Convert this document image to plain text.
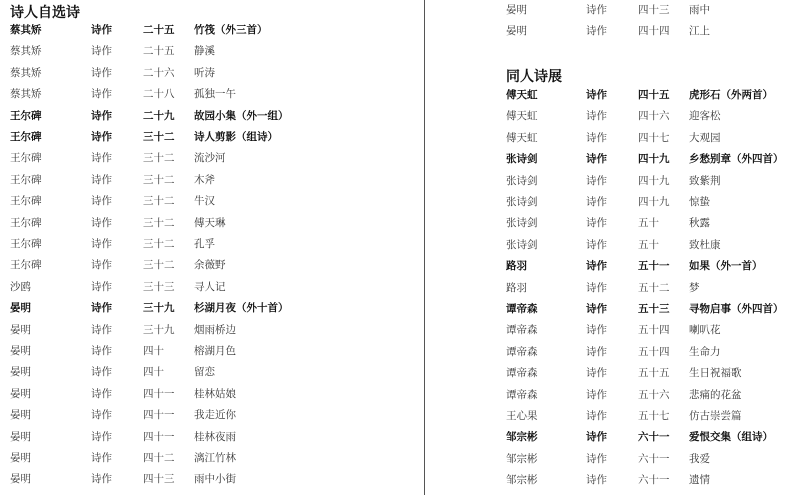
诗人自选诗
蔡其矫	诗作	二十五 竹筏（外三首）
蔡其矫	诗作	二十五 静溪
蔡其矫	诗作	二十六 听涛
蔡其矫	诗作	二十八 孤独一午
王尔碑	诗作	二十九 故园小集（外一组）
王尔碑	诗作	三十二 诗人剪影（组诗）
王尔碑	诗作	三十二 流沙河
王尔碑	诗作	三十二 木斧
王尔碑	诗作	三十二 牛汉
王尔碑	诗作	三十二 傅天琳
王尔碑	诗作	三十二 孔孚
王尔碑	诗作	三十二 余薇野
沙鸥	诗作	三十三 寻人记
晏明	诗作	三十九 杉湖月夜（外十首）
晏明	诗作	三十九 烟雨桥边
晏明	诗作	四十	榕湖月色
晏明	诗作	四十	留恋
晏明	诗作	四十一 桂林姑娘
晏明	诗作	四十一 我走近你
晏明	诗作	四十一 桂林夜雨
晏明	诗作	四十二 漓江竹林
晏明	诗作	四十三 雨中小街
晏明	诗作	四十三 雨中
晏明	诗作	四十四 江上
同人诗展
傅天虹	诗作	四十五 虎形石（外两首）
傅天虹	诗作	四十六 迎客松
傅天虹	诗作	四十七 大观园
张诗剑	诗作	四十九 乡愁别章（外四首）
张诗剑	诗作	四十九 致紫荆
张诗剑	诗作	四十九 惊蛰
张诗剑	诗作	五十	秋露
张诗剑	诗作	五十	致杜康
路羽	诗作	五十一 如果（外一首）
路羽	诗作	五十二 梦
谭帝森	诗作	五十三 寻物启事（外四首）
谭帝森	诗作	五十四 喇叭花
谭帝森	诗作	五十四 生命力
谭帝森	诗作	五十五 生日祝福歌
谭帝森	诗作	五十六 悲痛的花盆
王心果	诗作	五十七 仿古崇尝篇
邹宗彬	诗作	六十一 爱恨交集（组诗）
邹宗彬	诗作	六十一 我爱
邹宗彬	诗作	六十一 遗情
